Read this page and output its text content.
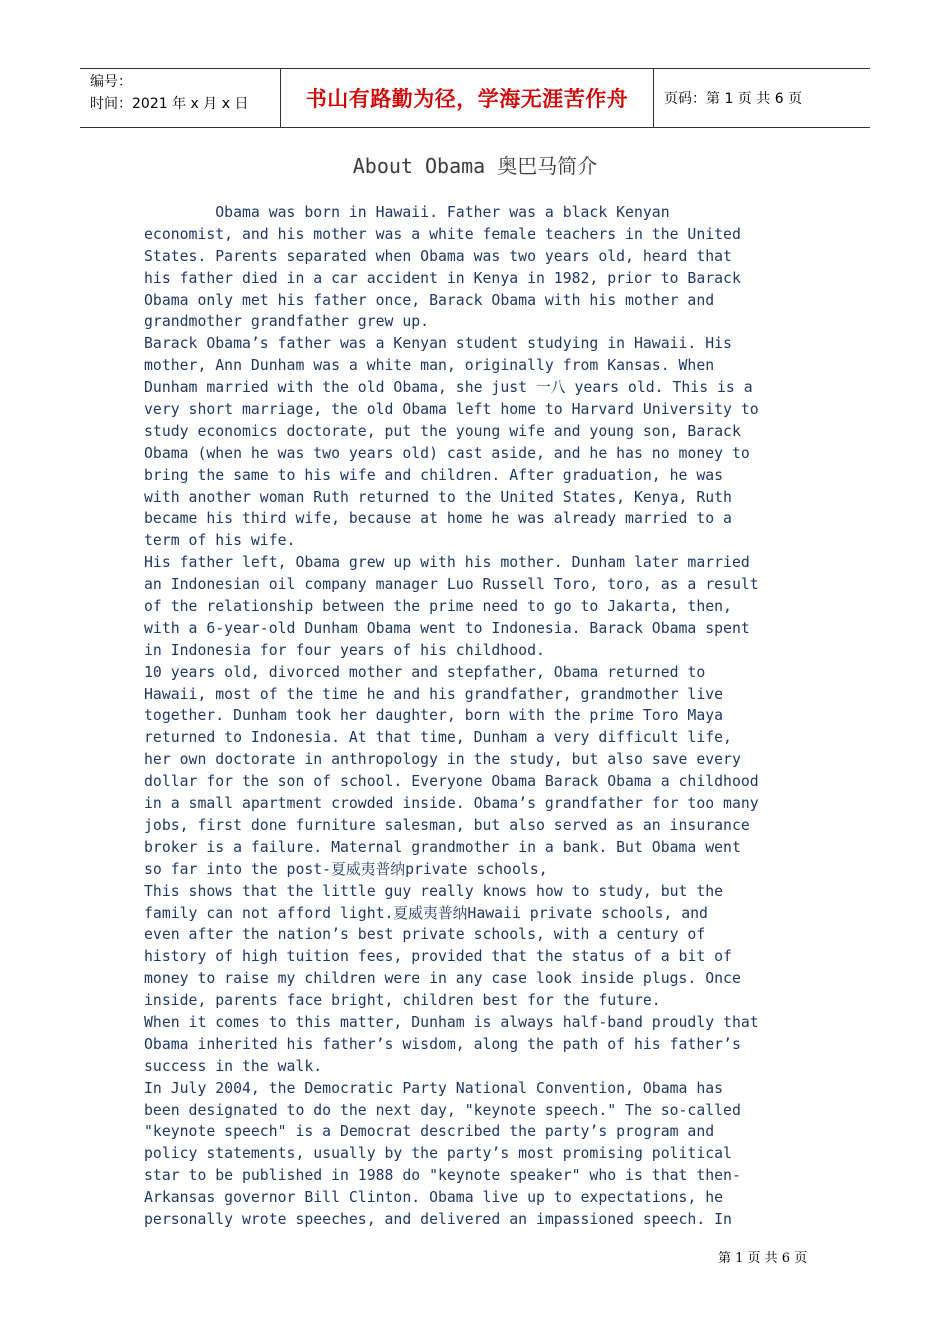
编号：
时间：2021 年 x 月 x 日	书山有路勤为径，学海无涯苦作舟	页码：第 1 页 共 6 页
About Obama 奥巴马简介
Obama was born in Hawaii. Father was a black Kenyan
economist, and his mother was a white female teachers in the United
States. Parents separated when Obama was two years old, heard that
his father died in a car accident in Kenya in 1982, prior to Barack
Obama only met his father once, Barack Obama with his mother and
grandmother grandfather grew up.
Barack Obama’s father was a Kenyan student studying in Hawaii. His
mother, Ann Dunham was a white man, originally from Kansas. When
Dunham married with the old Obama, she just 一八 years old. This is a
very short marriage, the old Obama left home to Harvard University to
study economics doctorate, put the young wife and young son, Barack
Obama (when he was two years old) cast aside, and he has no money to
bring the same to his wife and children. After graduation, he was
with another woman Ruth returned to the United States, Kenya, Ruth
became his third wife, because at home he was already married to a
term of his wife.
His father left, Obama grew up with his mother. Dunham later married
an Indonesian oil company manager Luo Russell Toro, toro, as a result
of the relationship between the prime need to go to Jakarta, then,
with a 6-year-old Dunham Obama went to Indonesia. Barack Obama spent
in Indonesia for four years of his childhood.
10 years old, divorced mother and stepfather, Obama returned to
Hawaii, most of the time he and his grandfather, grandmother live
together. Dunham took her daughter, born with the prime Toro Maya
returned to Indonesia. At that time, Dunham a very difficult life,
her own doctorate in anthropology in the study, but also save every
dollar for the son of school. Everyone Obama Barack Obama a childhood
in a small apartment crowded inside. Obama’s grandfather for too many
jobs, first done furniture salesman, but also served as an insurance
broker is a failure. Maternal grandmother in a bank. But Obama went
so far into the post-夏威夷普纳private schools,
This shows that the little guy really knows how to study, but the
family can not afford light.夏威夷普纳Hawaii private schools, and
even after the nation’s best private schools, with a century of
history of high tuition fees, provided that the status of a bit of
money to raise my children were in any case look inside plugs. Once
inside, parents face bright, children best for the future.
When it comes to this matter, Dunham is always half-band proudly that
Obama inherited his father’s wisdom, along the path of his father’s
success in the walk.
In July 2004, the Democratic Party National Convention, Obama has
been designated to do the next day, "keynote speech." The so-called
"keynote speech" is a Democrat described the party’s program and
policy statements, usually by the party’s most promising political
star to be published in 1988 do "keynote speaker" who is that then-
Arkansas governor Bill Clinton. Obama live up to expectations, he
personally wrote speeches, and delivered an impassioned speech. In
第 1 页 共 6 页
